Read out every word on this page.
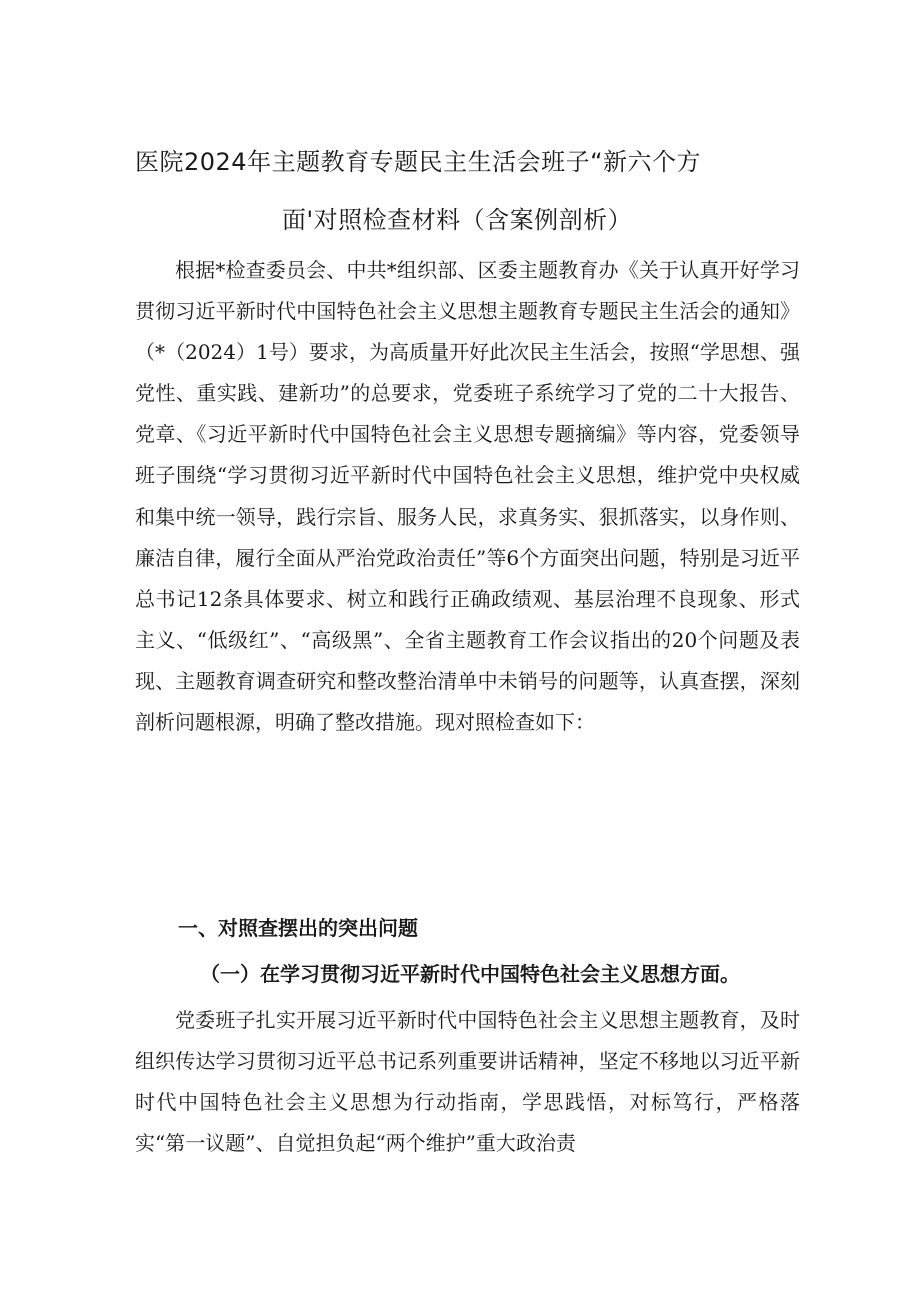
医院2024年主题教育专题民主生活会班子“新六个方
面'对照检查材料（含案例剖析）
根据*检查委员会、中共*组织部、区委主题教育办《关于认真开好学习贯彻习近平新时代中国特色社会主义思想主题教育专题民主生活会的通知》（*（2024）1号）要求，为高质量开好此次民主生活会，按照“学思想、强党性、重实践、建新功”的总要求，党委班子系统学习了党的二十大报告、党章、《习近平新时代中国特色社会主义思想专题摘编》等内容，党委领导班子围绕“学习贯彻习近平新时代中国特色社会主义思想，维护党中央权威和集中统一领导，践行宗旨、服务人民，求真务实、狠抓落实，以身作则、廉洁自律，履行全面从严治党政治责任”等6个方面突出问题，特别是习近平总书记12条具体要求、树立和践行正确政绩观、基层治理不良现象、形式主义、“低级红”、“高级黑”、全省主题教育工作会议指出的20个问题及表现、主题教育调查研究和整改整治清单中未销号的问题等，认真查摆，深刻剖析问题根源，明确了整改措施。现对照检查如下：
一、对照查摆出的突出问题
（一）在学习贯彻习近平新时代中国特色社会主义思想方面。
党委班子扎实开展习近平新时代中国特色社会主义思想主题教育，及时组织传达学习贯彻习近平总书记系列重要讲话精神，坚定不移地以习近平新时代中国特色社会主义思想为行动指南，学思践悟，对标笃行，严格落实“第一议题”、自觉担负起“两个维护”重大政治责
